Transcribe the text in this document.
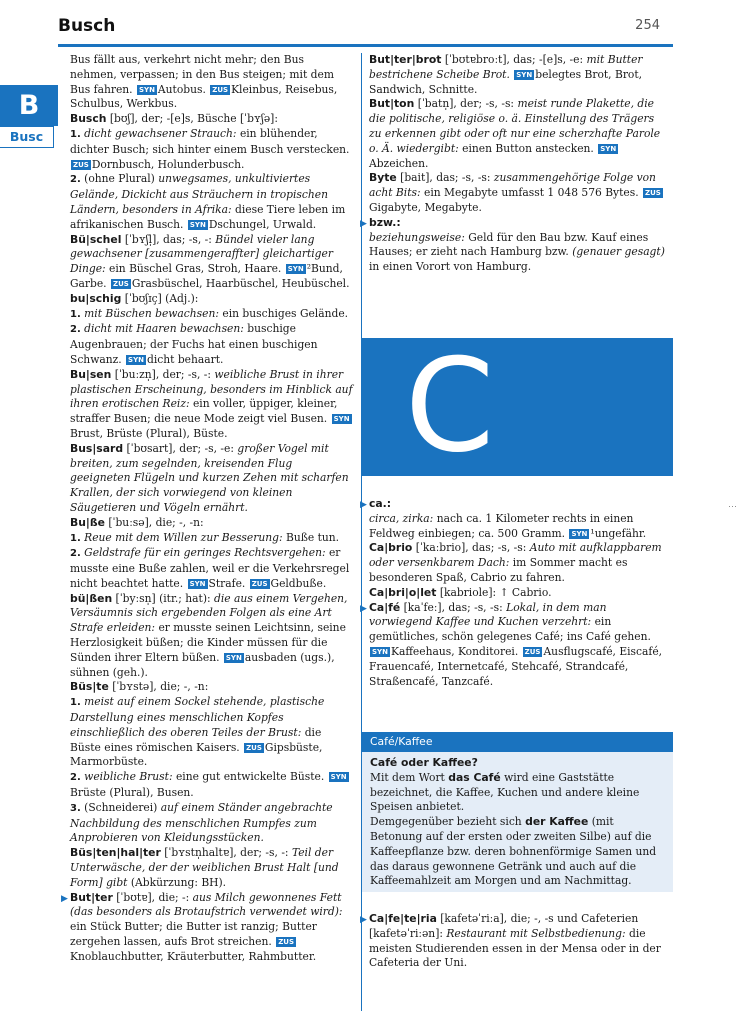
Busch	254
B
Busc

Bus fällt aus, verkehrt nicht mehr; den Bus nehmen, verpassen; in den Bus steigen; mit dem Bus fahren. SYN Autobus. ZUS Kleinbus, Reisebus, Schulbus, Werkbus.

Busch [bʊʃ], der; -[e]s, Büsche [ˈbʏʃə]:
1. dicht gewachsener Strauch: ein blühender, dichter Busch; sich hinter einem Busch verstecken. ZUS Dornbusch, Holunderbusch.
2. (ohne Plural) unwegsames, unkultiviertes Gelände, Dickicht aus Sträuchern in tropischen Ländern, besonders in Afrika: diese Tiere leben im afrikanischen Busch. SYN Dschungel, Urwald.

Bü|schel [ˈbʏʃl̩], das; -s, -: Bündel vieler lang gewachsener [zusammengeraffter] gleichartiger Dinge: ein Büschel Gras, Stroh, Haare. SYN ²Bund, Garbe. ZUS Grasbüschel, Haarbüschel, Heubüschel.

bu|schig [ˈbʊʃɪç] (Adj.):
1. mit Büschen bewachsen: ein buschiges Gelände.
2. dicht mit Haaren bewachsen: buschige Augenbrauen; der Fuchs hat einen buschigen Schwanz. SYN dicht behaart.

Bu|sen [ˈbuːzn̩], der; -s, -: weibliche Brust in ihrer plastischen Erscheinung, besonders im Hinblick auf ihren erotischen Reiz: ein voller, üppiger, kleiner, straffer Busen; die neue Mode zeigt viel Busen. SYNBrust, Brüste (Plural), Büste.

Bus|sard [ˈbʊsart], der; -s, -e: großer Vogel mit breiten, zum segelnden, kreisenden Flug geeigneten Flügeln und kurzen Zehen mit scharfen Krallen, der sich vorwiegend von kleinen Säugetieren und Vögeln ernährt.

Bu|ße [ˈbuːsə], die; -, -n:
1. Reue mit dem Willen zur Besserung: Buße tun.
2. Geldstrafe für ein geringes Rechtsvergehen: er musste eine Buße zahlen, weil er die Verkehrsregel nicht beachtet hatte. SYN Strafe. ZUS Geldbuße.

bü|ßen [ˈbyːsn̩] (itr.; hat): die aus einem Vergehen, Versäumnis sich ergebenden Folgen als eine Art Strafe erleiden: er musste seinen Leichtsinn, seine Herzlosigkeit büßen; die Kinder müssen für die Sünden ihrer Eltern büßen. SYN ausbaden (ugs.), sühnen (geh.).

Büs|te [ˈbʏstə], die; -, -n:
1. meist auf einem Sockel stehende, plastische Darstellung eines menschlichen Kopfes einschließlich des oberen Teiles der Brust: die Büste eines römischen Kaisers. ZUS Gipsbüste, Marmorbüste.
2. weibliche Brust: eine gut entwickelte Büste. SYNBrüste (Plural), Busen.
3. (Schneiderei) auf einem Ständer angebrachte Nachbildung des menschlichen Rumpfes zum Anprobieren von Kleidungsstücken.

Büs|ten|hal|ter [ˈbʏstn̩haltɐ], der; -s, -: Teil der Unterwäsche, der der weiblichen Brust Halt [und Form] gibt (Abkürzung: BH).

▶ But|ter [ˈbʊtɐ], die; -: aus Milch gewonnenes Fett (das besonders als Brotaufstrich verwendet wird): ein Stück Butter; die Butter ist ranzig; Butter zergehen lassen, aufs Brot streichen. ZUSKnoblauchbutter, Kräuterbutter, Rahmbutter.

But|ter|brot [ˈbʊtɐbroːt], das; -[e]s, -e: mit Butter bestrichene Scheibe Brot. SYN belegtes Brot, Brot, Sandwich, Schnitte.

But|ton [ˈbatn̩], der; -s, -s: meist runde Plakette, die die politische, religiöse o. ä. Einstellung des Trägers zu erkennen gibt oder oft nur eine scherzhafte Parole o. Ä. wiedergibt: einen Button anstecken. SYNAbzeichen.

Byte [bait], das; -s, -s: zusammengehörige Folge von acht Bits: ein Megabyte umfasst 1 048 576 Bytes. ZUSGigabyte, Megabyte.

▶ bzw.:
beziehungsweise: Geld für den Bau bzw. Kauf eines Hauses; er zieht nach Hamburg bzw. (genauer gesagt) in einen Vorort von Hamburg.

C
⋯

▶ ca.:
circa, zirka: nach ca. 1 Kilometer rechts in einen Feldweg einbiegen; ca. 500 Gramm. SYN ¹ungefähr.

Ca|brio [ˈkaːbrio], das; -s, -s: Auto mit aufklappbarem oder versenkbarem Dach: im Sommer macht es besonderen Spaß, Cabrio zu fahren.

Ca|bri|o|let [kabriole]: ↑ Cabrio.

▶ Ca|fé [kaˈfeː], das; -s, -s: Lokal, in dem man vorwiegend Kaffee und Kuchen verzehrt: ein gemütliches, schön gelegenes Café; ins Café gehen. SYN Kaffeehaus, Konditorei. ZUS Ausflugscafé, Eiscafé, Frauencafé, Internetcafé, Stehcafé, Strandcafé, Straßencafé, Tanzcafé.

Café/Kaffee
Café oder Kaffee?
Mit dem Wort das Café wird eine Gaststätte bezeichnet, die Kaffee, Kuchen und andere kleine Speisen anbietet.
Demgegenüber bezieht sich der Kaffee (mit Betonung auf der ersten oder zweiten Silbe) auf die Kaffeepflanze bzw. deren bohnenförmige Samen und das daraus gewonnene Getränk und auch auf die Kaffeemahlzeit am Morgen und am Nachmittag.

▶ Ca|fe|te|ria [kafetəˈriːa], die; -, -s und Cafeterien [kafetəˈriːən]: Restaurant mit Selbstbedienung: die meisten Studierenden essen in der Mensa oder in der Cafeteria der Uni.
